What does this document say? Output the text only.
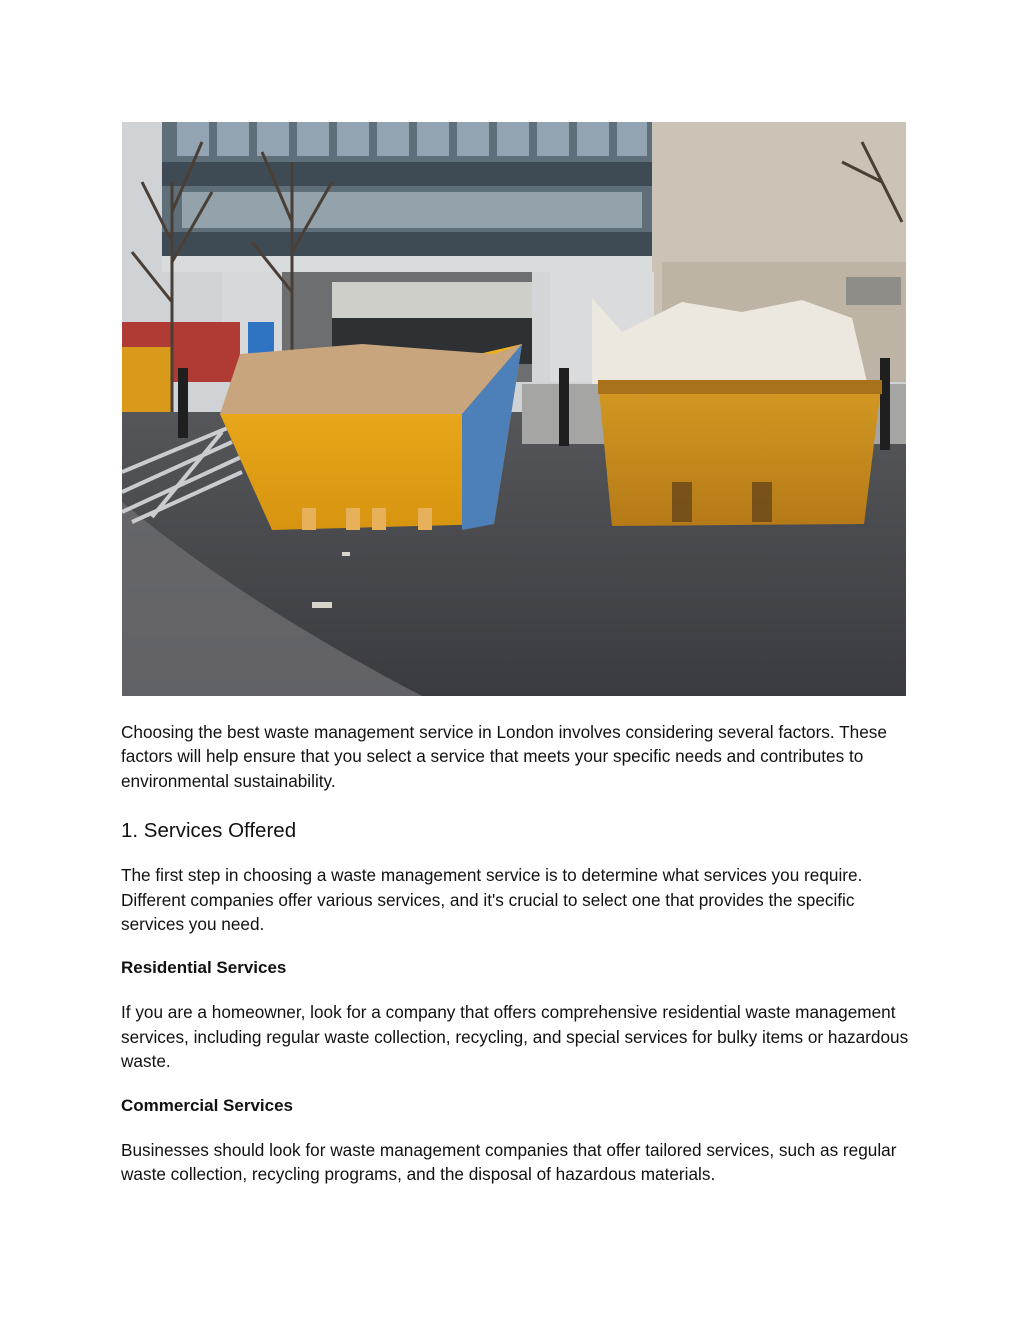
Choosing the best waste management service in London involves considering several factors. These factors will help ensure that you select a service that meets your specific needs and contributes to environmental sustainability.

1. Services Offered

The first step in choosing a waste management service is to determine what services you require. Different companies offer various services, and it's crucial to select one that provides the specific services you need.

Residential Services

If you are a homeowner, look for a company that offers comprehensive residential waste management services, including regular waste collection, recycling, and special services for bulky items or hazardous waste.

Commercial Services

Businesses should look for waste management companies that offer tailored services, such as regular waste collection, recycling programs, and the disposal of hazardous materials.
